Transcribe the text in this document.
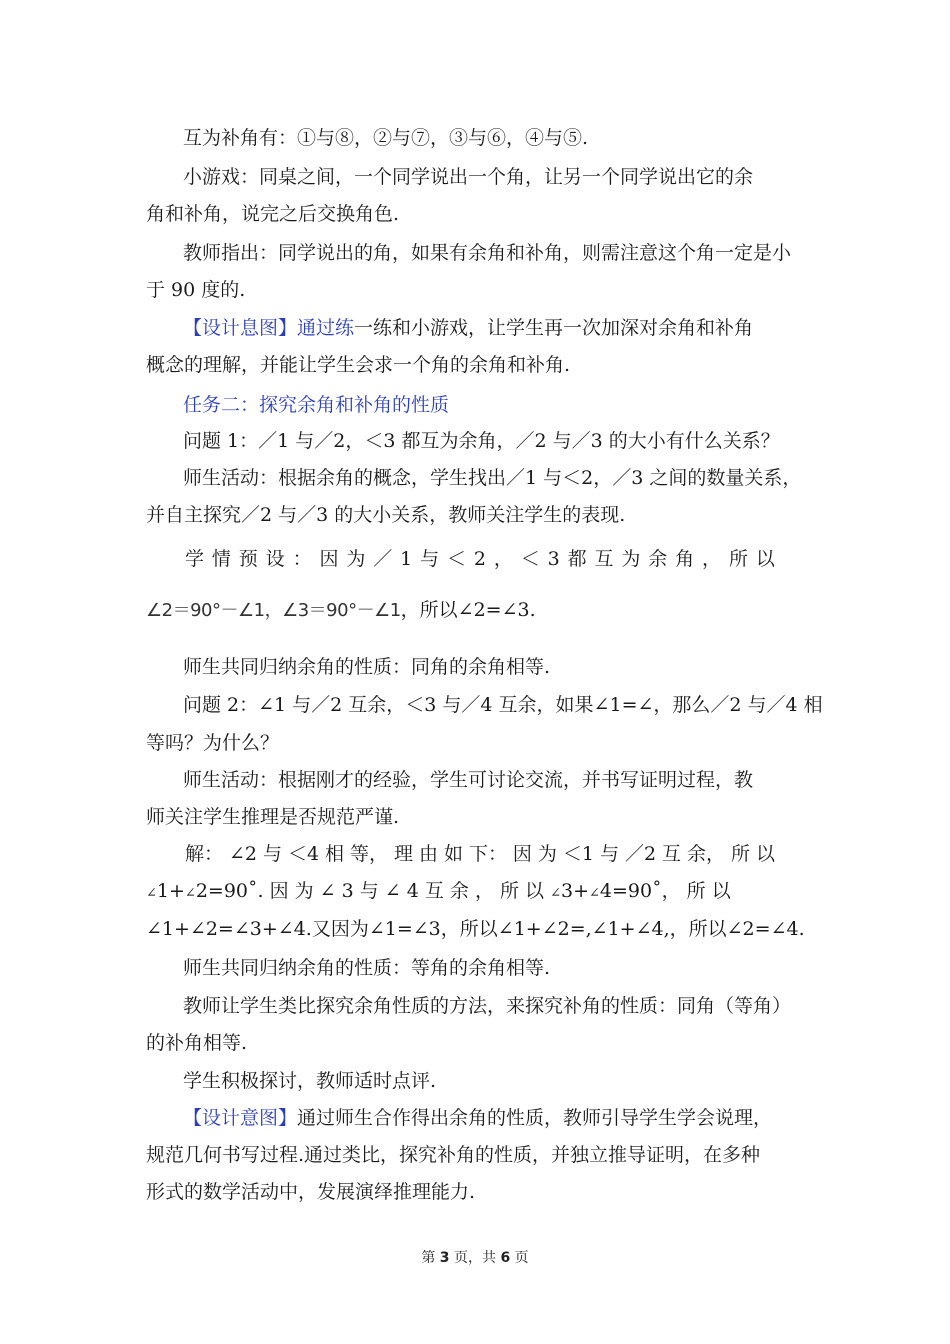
互为补角有：①与⑧，②与⑦，③与⑥，④与⑤.
小游戏：同桌之间，一个同学说出一个角，让另一个同学说出它的余
角和补角，说完之后交换角色.
教师指出：同学说出的角，如果有余角和补角，则需注意这个角一定是小
于 90 度的.
【设计息图】通过练一练和小游戏，让学生再一次加深对余角和补角
概念的理解，并能让学生会求一个角的余角和补角.
任务二：探究余角和补角的性质
问题 1：／1 与／2，＜3 都互为余角，／2 与／3 的大小有什么关系？
师生活动：根据余角的概念，学生找出／1 与＜2，／3 之间的数量关系，
并自主探究／2 与／3 的大小关系，教师关注学生的表现.
学 情 预 设 ： 因 为 ／ 1 与 ＜ 2 ， ＜ 3 都 互 为 余 角 ， 所 以
∠2＝90°－∠1，∠3＝90°－∠1，所以∠2=∠3.
师生共同归纳余角的性质：同角的余角相等.
问题 2：∠1 与／2 互余，＜3 与／4 互余，如果∠1=∠，那么／2 与／4 相
等吗？为什么？
师生活动：根据刚才的经验，学生可讨论交流，并书写证明过程，教
师关注学生推理是否规范严谨.
解： ∠2 与 ＜4 相 等， 理 由 如 下： 因 为 ＜1 与 ／2 互 余， 所 以
∠1+∠2=90˚. 因 为 ∠ 3 与 ∠ 4 互 余 ， 所 以 ∠3+∠4=90˚， 所 以
∠1+∠2=∠3+∠4.又因为∠1=∠3，所以∠1+∠2=,∠1+∠4,，所以∠2=∠4.
师生共同归纳余角的性质：等角的余角相等.
教师让学生类比探究余角性质的方法，来探究补角的性质：同角（等角）
的补角相等.
学生积极探讨，教师适时点评.
【设计意图】通过师生合作得出余角的性质，教师引导学生学会说理，
规范几何书写过程.通过类比，探究补角的性质，并独立推导证明，在多种
形式的数学活动中，发展演绎推理能力.
第 3 页，共 6 页
